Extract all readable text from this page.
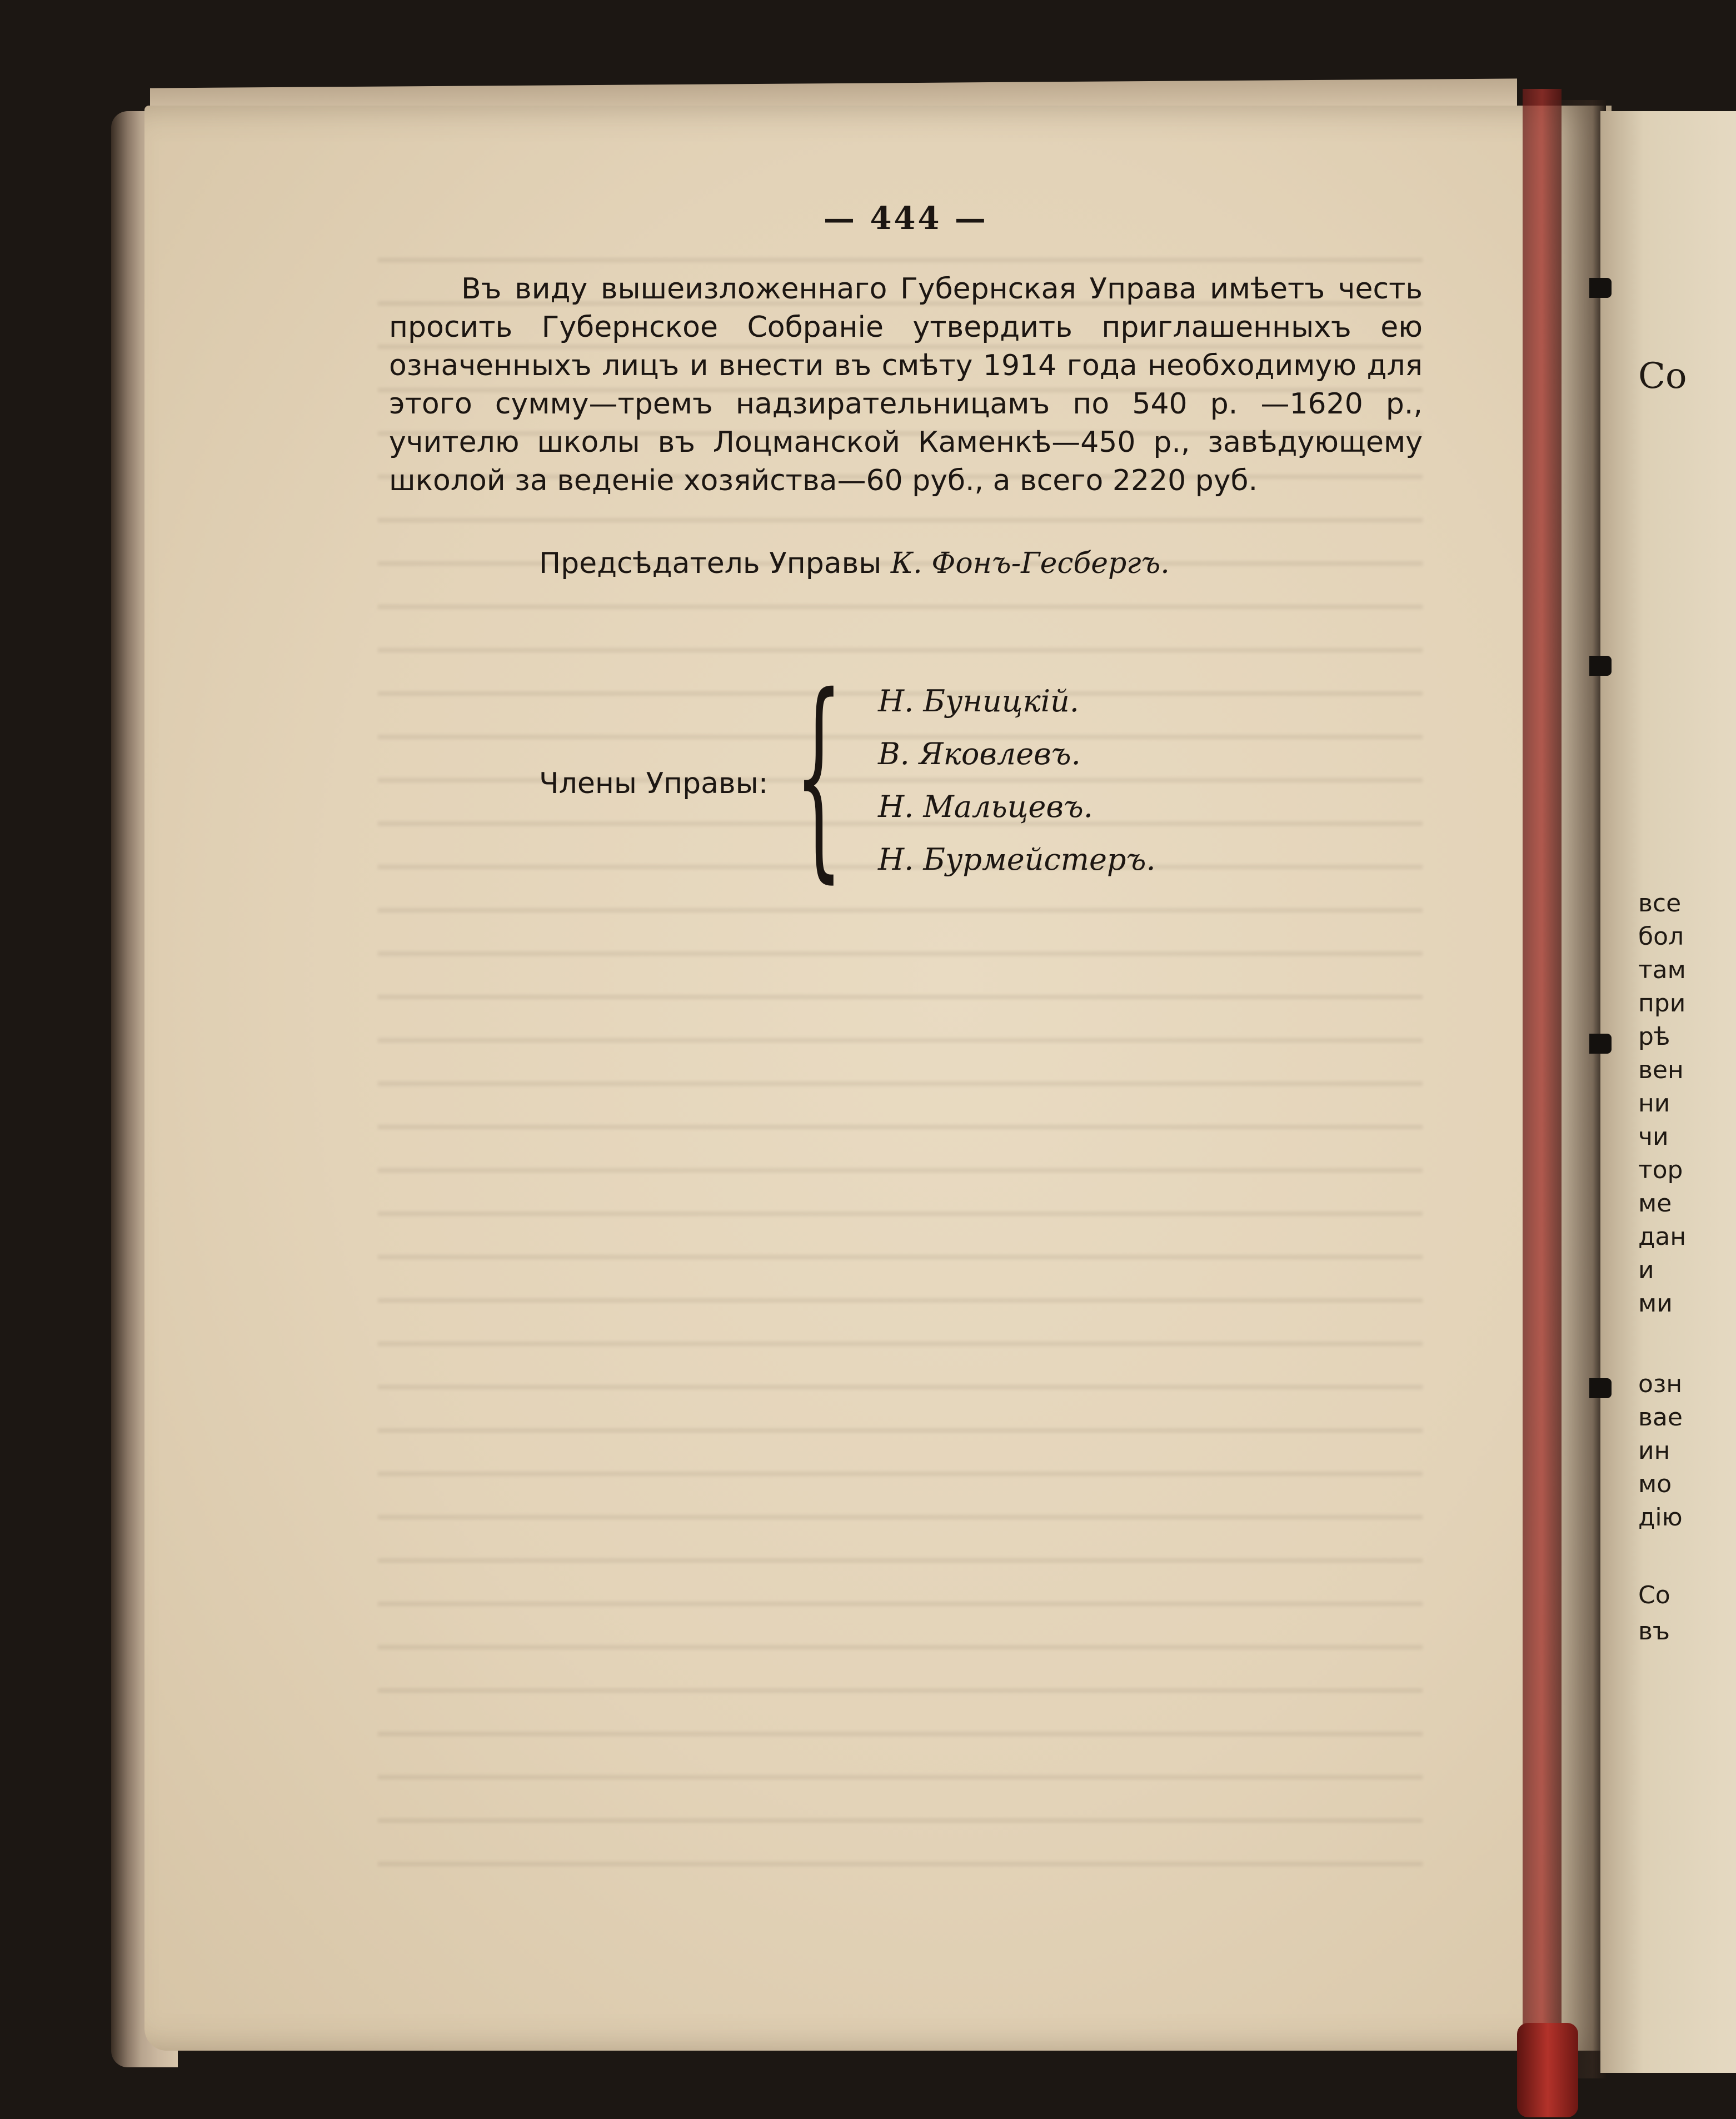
— 444 —

Въ виду вышеизложеннаго Губернская Управа имѣетъ честь просить Губернское Собраніе утвердить приглашенныхъ ею означенныхъ лицъ и внести въ смѣту 1914 года необходимую для этого сумму—тремъ надзирательницамъ по 540 р. —1620 р., учителю школы въ Лоцманской Каменкѣ—450 р., завѣдующему школой за веденіе хозяйства—60 руб., а всего 2220 руб.

Предсѣдатель Управы К. Фонъ-Гесбергъ.
Члены Управы: { Н. Буницкій.
В. Яковлевъ.
Н. Мальцевъ.
Н. Бурмейстеръ.
Co
все
бол
там
при
рѣ
вен
ни
чи
тор
ме
дан
и
ми
озн
вае
ин
мо
дію
Co
въ
